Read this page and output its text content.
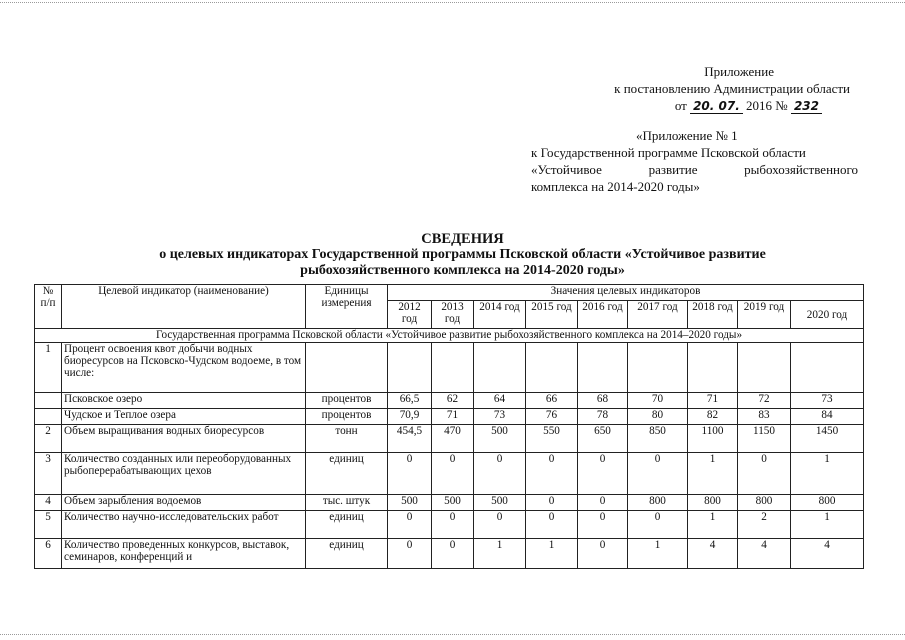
Приложение
к постановлению Администрации области
от 20. 07. 2016 № 232
«Приложение № 1
к Государственной программе Псковской области
«Устойчивое развитие рыбохозяйственного
комплекса на 2014-2020 годы»
СВЕДЕНИЯ
о целевых индикаторах Государственной программы Псковской области «Устойчивое развитие
рыбохозяйственного комплекса на 2014-2020 годы»
№ п/п	Целевой индикатор (наименование)	Единицы измерения	Значения целевых индикаторов								
			2012 год	2013 год	2014 год	2015 год	2016 год	2017 год	2018 год	2019 год	2020 год
Государственная программа Псковской области «Устойчивое развитие рыбохозяйственного комплекса на 2014–2020 годы»											
1	Процент освоения квот добычи водных биоресурсов на Псковско-Чудском водоеме, в том числе:										
	Псковское озеро	процентов	66,5	62	64	66	68	70	71	72	73
	Чудское и Теплое озера	процентов	70,9	71	73	76	78	80	82	83	84
2	Объем выращивания водных биоресурсов	тонн	454,5	470	500	550	650	850	1100	1150	1450
3	Количество созданных или переоборудованных рыбоперерабатывающих цехов	единиц	0	0	0	0	0	0	1	0	1
4	Объем зарыбления водоемов	тыс. штук	500	500	500	0	0	800	800	800	800
5	Количество научно-исследовательских работ	единиц	0	0	0	0	0	0	1	2	1
6	Количество проведенных конкурсов, выставок, семинаров, конференций и	единиц	0	0	1	1	0	1	4	4	4
